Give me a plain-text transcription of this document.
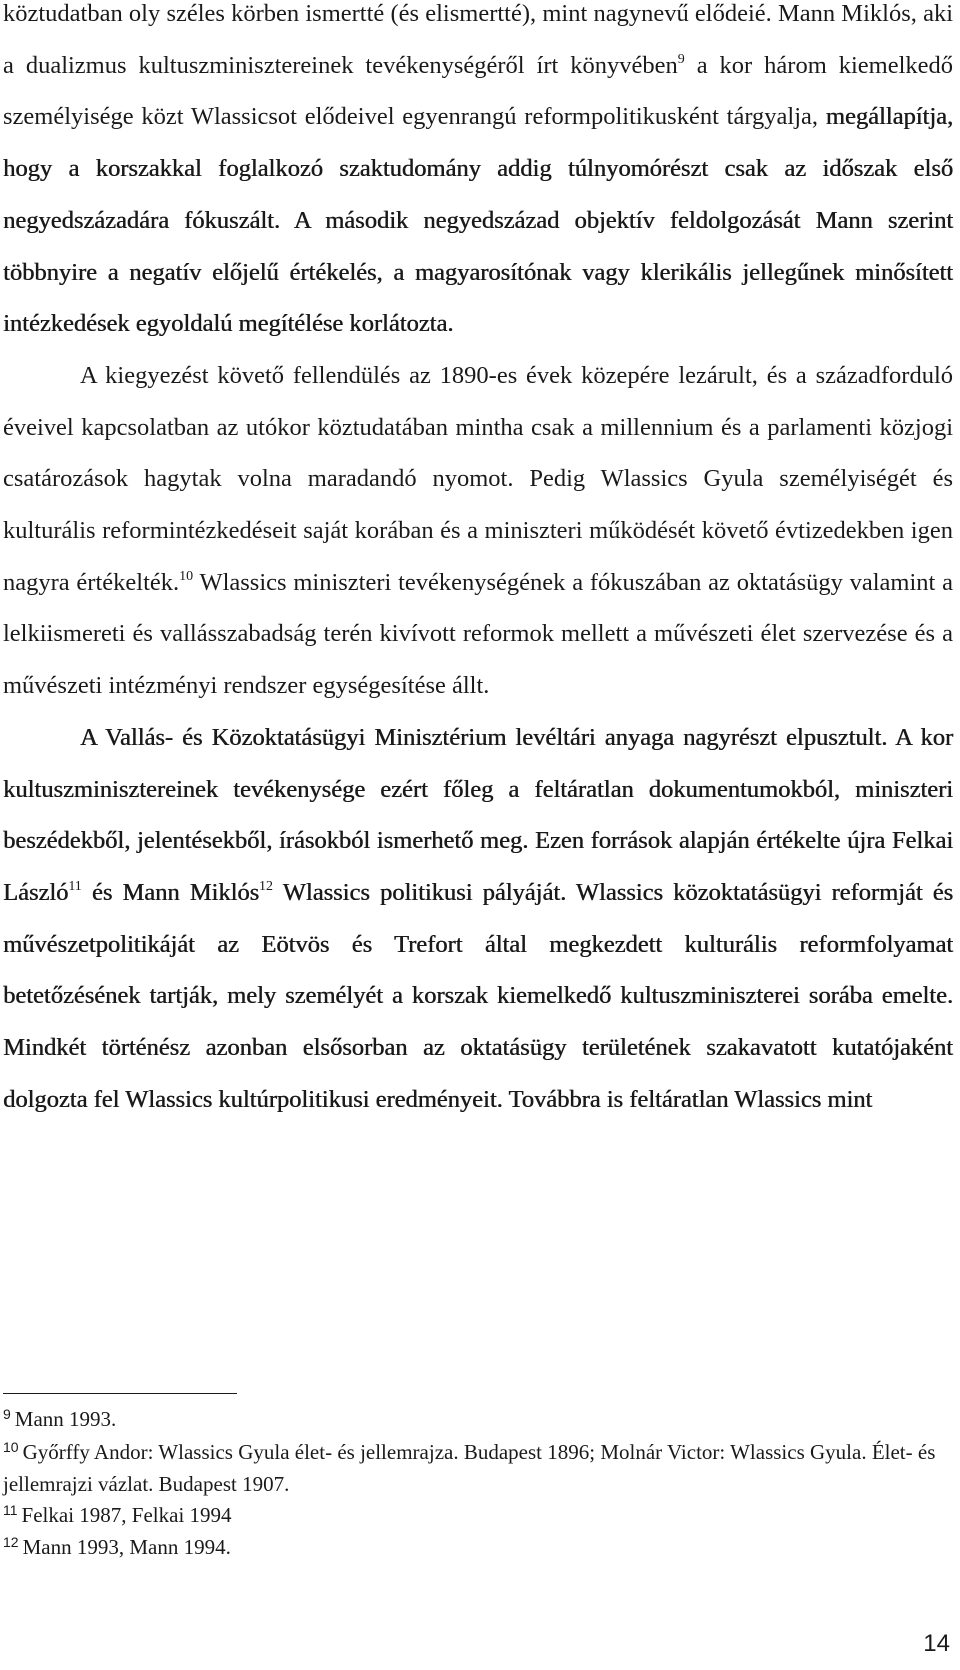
köztudatban oly széles körben ismertté (és elismertté), mint nagynevű elődeié. Mann Miklós, aki a dualizmus kultuszminisztereinek tevékenységéről írt könyvében$^9$ a kor három kiemelkedő személyisége közt Wlassicsot elődeivel egyenrangú reformpolitikusként tárgyalja, megállapítja, hogy a korszakkal foglalkozó szaktudomány addig túlnyomórészt csak az időszak első negyedszázadára fókuszált. A második negyedszázad objektív feldolgozását Mann szerint többnyire a negatív előjelű értékelés, a magyarosítónak vagy klerikális jellegűnek minősített intézkedések egyoldalú megítélése korlátozta.

A kiegyezést követő fellendülés az 1890-es évek közepére lezárult, és a századforduló éveivel kapcsolatban az utókor köztudatában mintha csak a millennium és a parlamenti közjogi csatározások hagytak volna maradandó nyomot. Pedig Wlassics Gyula személyiségét és kulturális reformintézkedéseit saját korában és a miniszteri működését követő évtizedekben igen nagyra értékelték.$^{10}$ Wlassics miniszteri tevékenységének a fókuszában az oktatásügy valamint a lelkiismereti és vallásszabadság terén kivívott reformok mellett a művészeti élet szervezése és a művészeti intézményi rendszer egységesítése állt.

A Vallás- és Közoktatásügyi Minisztérium levéltári anyaga nagyrészt elpusztult. A kor kultuszminisztereinek tevékenysége ezért főleg a feltáratlan dokumentumokból, miniszteri beszédekből, jelentésekből, írásokból ismerhető meg. Ezen források alapján értékelte újra Felkai László$^{11}$ és Mann Miklós$^{12}$ Wlassics politikusi pályáját. Wlassics közoktatásügyi reformját és művészetpolitikáját az Eötvös és Trefort által megkezdett kulturális reformfolyamat betetőzésének tartják, mely személyét a korszak kiemelkedő kultuszminiszterei sorába emelte. Mindkét történész azonban elsősorban az oktatásügy területének szakavatott kutatójaként dolgozta fel Wlassics kultúrpolitikusi eredményeit. Továbbra is feltáratlan Wlassics mint

$^9$ Mann 1993.

$^{10}$ Győrffy Andor: Wlassics Gyula élet- és jellemrajza. Budapest 1896; Molnár Victor: Wlassics Gyula. Élet- és jellemrajzi vázlat. Budapest 1907.

$^{11}$ Felkai 1987, Felkai 1994

$^{12}$ Mann 1993, Mann 1994.

14
